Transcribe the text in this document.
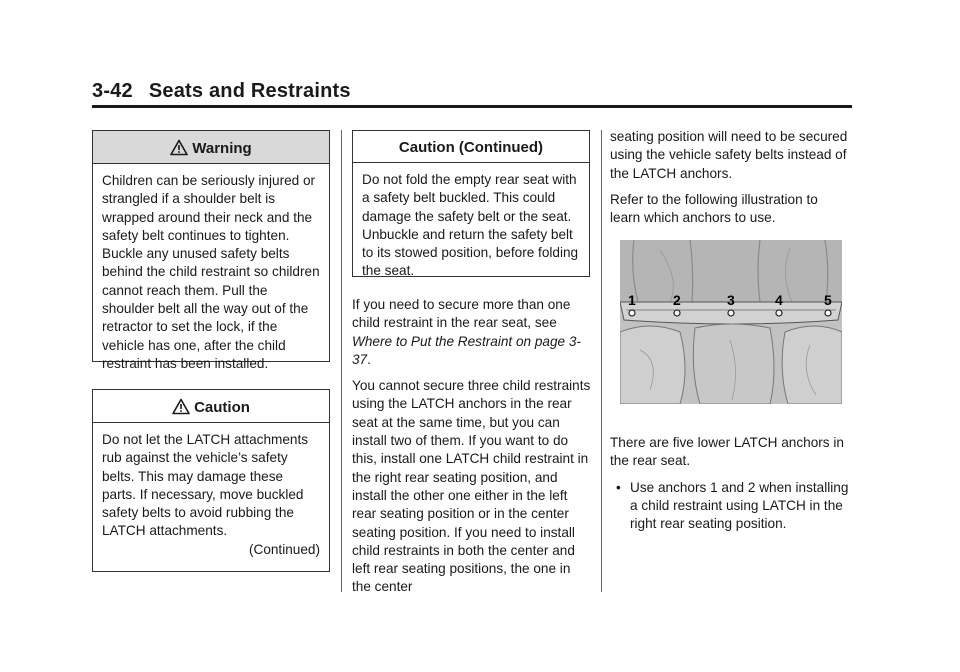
3-42 Seats and Restraints
Warning

Children can be seriously injured or strangled if a shoulder belt is wrapped around their neck and the safety belt continues to tighten. Buckle any unused safety belts behind the child restraint so children cannot reach them. Pull the shoulder belt all the way out of the retractor to set the lock, if the vehicle has one, after the child restraint has been installed.

Caution

Do not let the LATCH attachments rub against the vehicle’s safety belts. This may damage these parts. If necessary, move buckled safety belts to avoid rubbing the LATCH attachments.

(Continued)
Caution (Continued)

Do not fold the empty rear seat with a safety belt buckled. This could damage the safety belt or the seat. Unbuckle and return the safety belt to its stowed position, before folding the seat.

If you need to secure more than one child restraint in the rear seat, see Where to Put the Restraint on page 3-37.

You cannot secure three child restraints using the LATCH anchors in the rear seat at the same time, but you can install two of them. If you want to do this, install one LATCH child restraint in the right rear seating position, and install the other one either in the left rear seating position or in the center seating position. If you need to install child restraints in both the center and left rear seating positions, the one in the center

seating position will need to be secured using the vehicle safety belts instead of the LATCH anchors.

Refer to the following illustration to learn which anchors to use.

1	2	3	4	5

There are five lower LATCH anchors in the rear seat.

• Use anchors 1 and 2 when installing a child restraint using LATCH in the right rear seating position.
